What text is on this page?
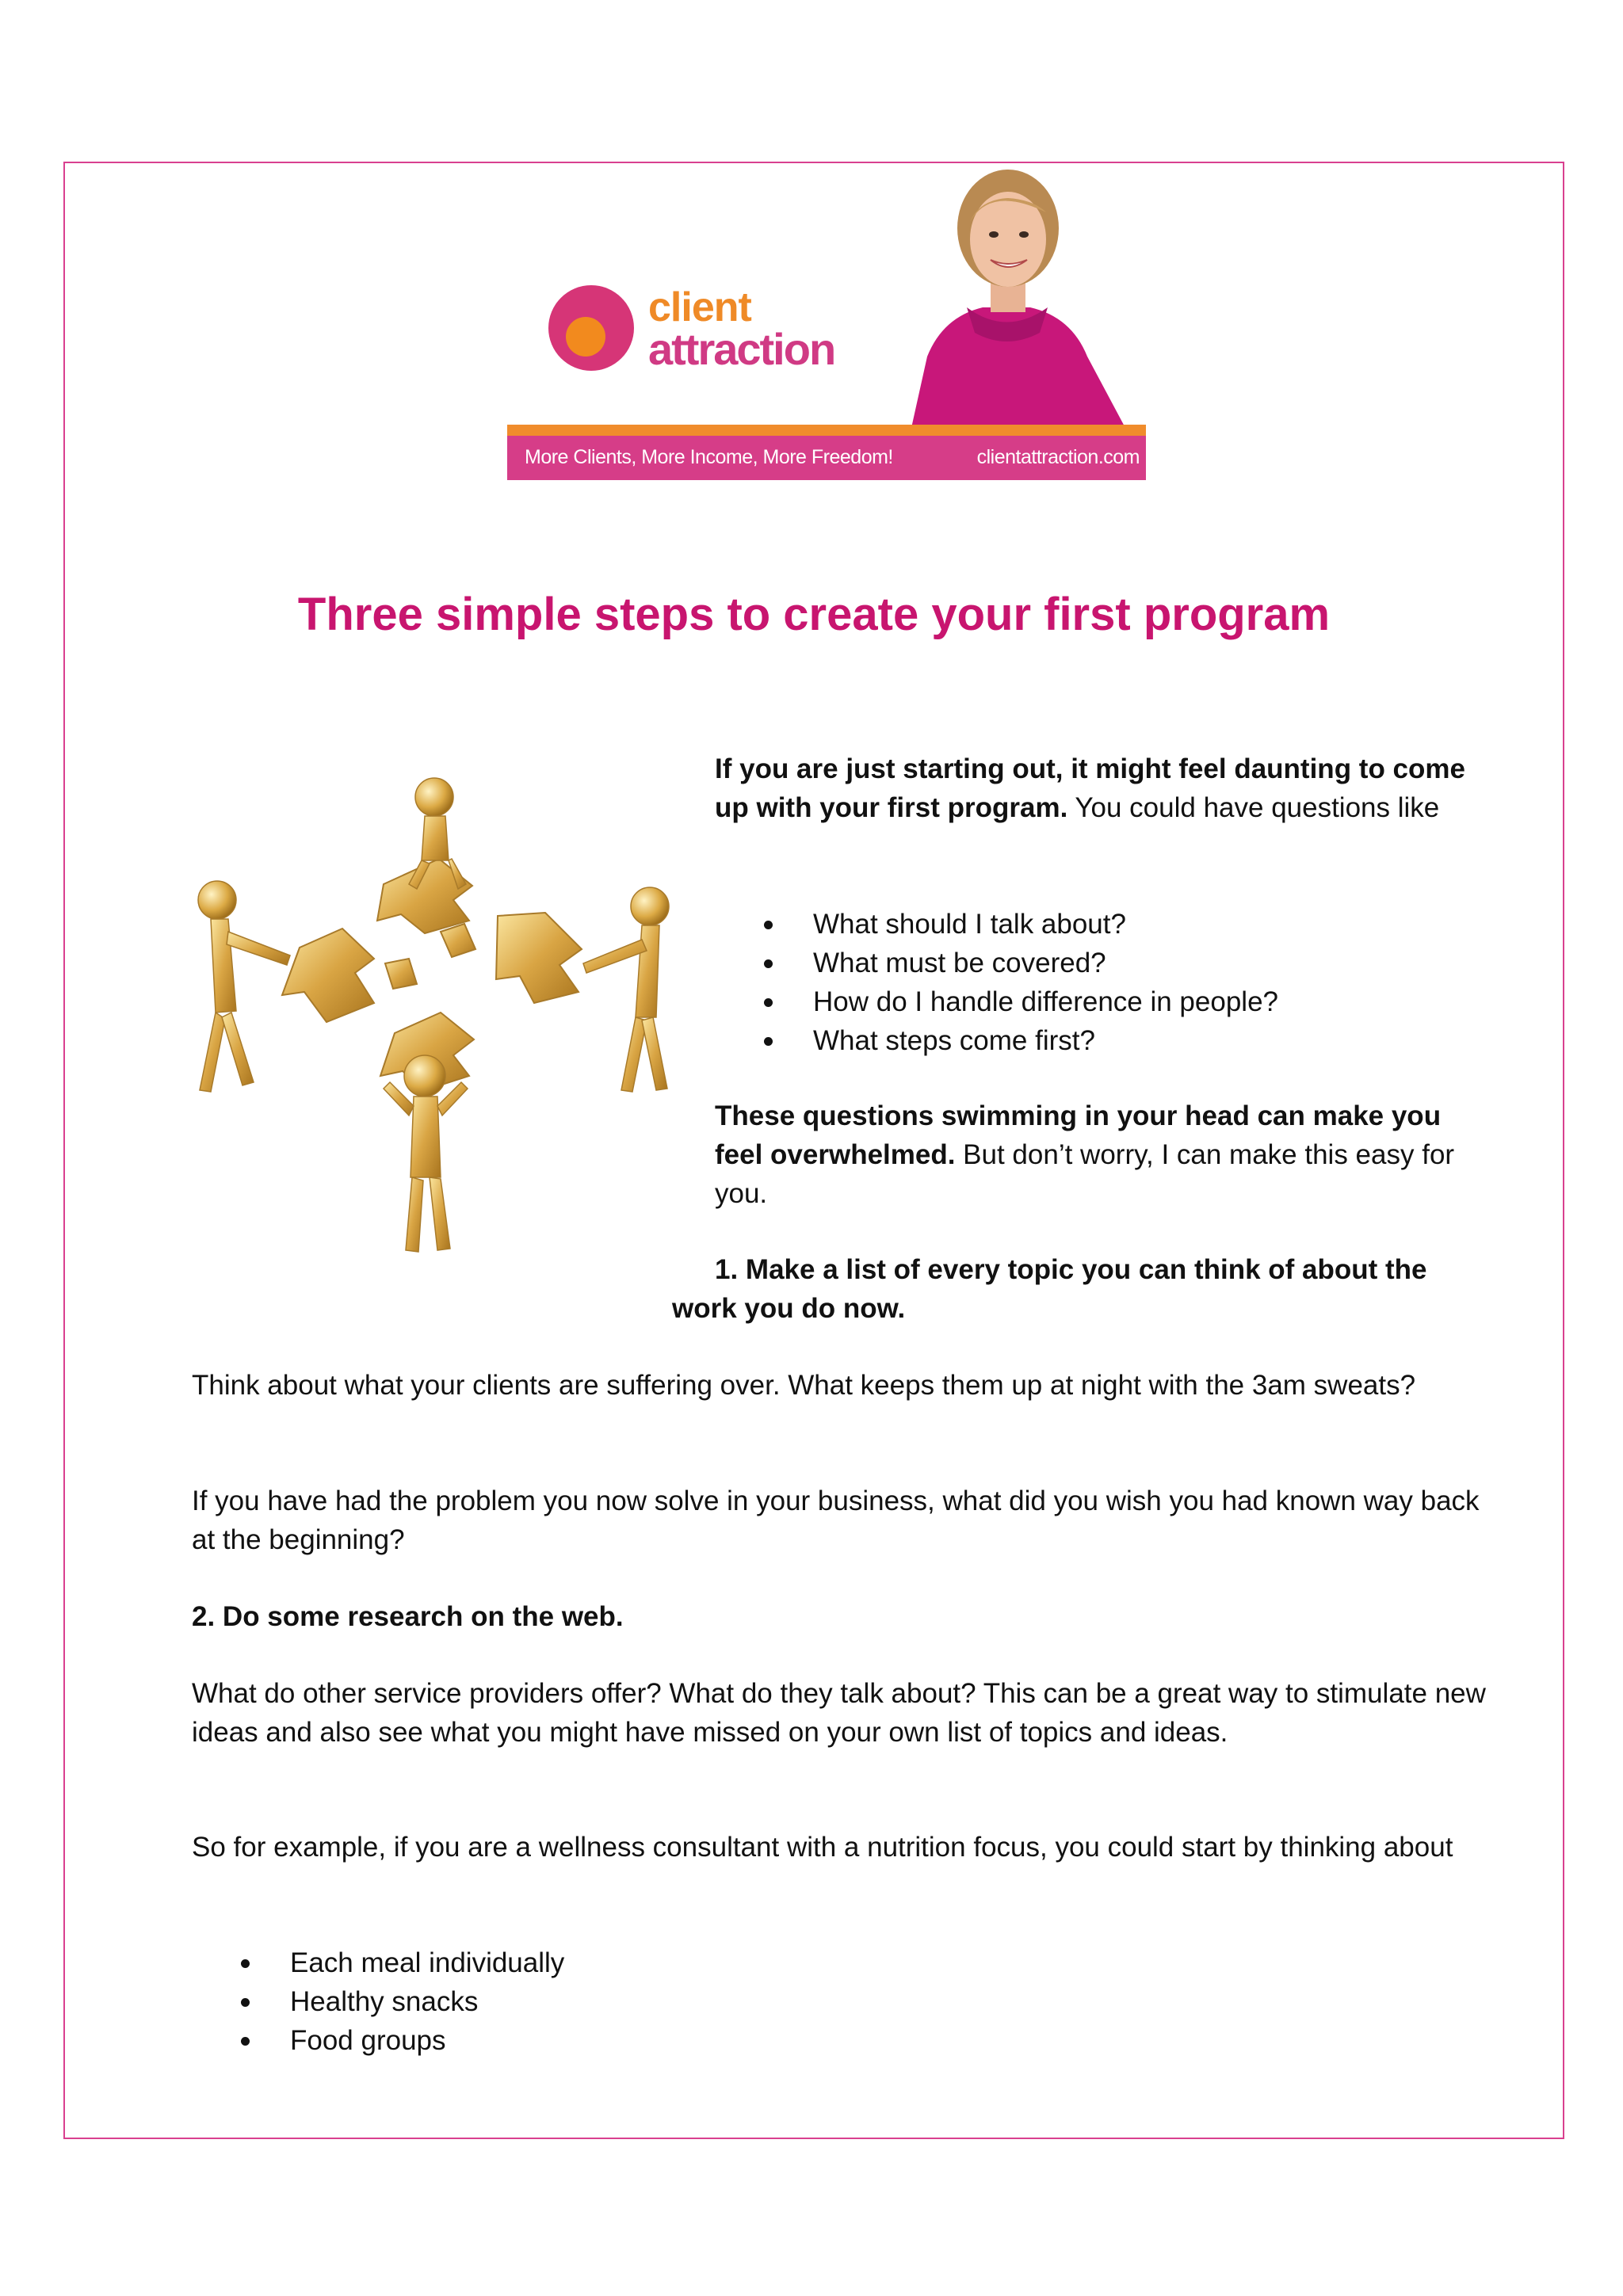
client
attraction
More Clients, More Income, More Freedom!	clientattraction.com
Three simple steps to create your first program
If you are just starting out, it might feel daunting to come up with your first program. You could have questions like
What should I talk about?
What must be covered?
How do I handle difference in people?
What steps come first?
These questions swimming in your head can make you feel overwhelmed. But don’t worry, I can make this easy for you.
1. Make a list of every topic you can think of about the work you do now.
Think about what your clients are suffering over. What keeps them up at night with the 3am sweats?
If you have had the problem you now solve in your business, what did you wish you had known way back at the beginning?
2. Do some research on the web.
What do other service providers offer? What do they talk about? This can be a great way to stimulate new ideas and also see what you might have missed on your own list of topics and ideas.
So for example, if you are a wellness consultant with a nutrition focus, you could start by thinking about
Each meal individually
Healthy snacks
Food groups
